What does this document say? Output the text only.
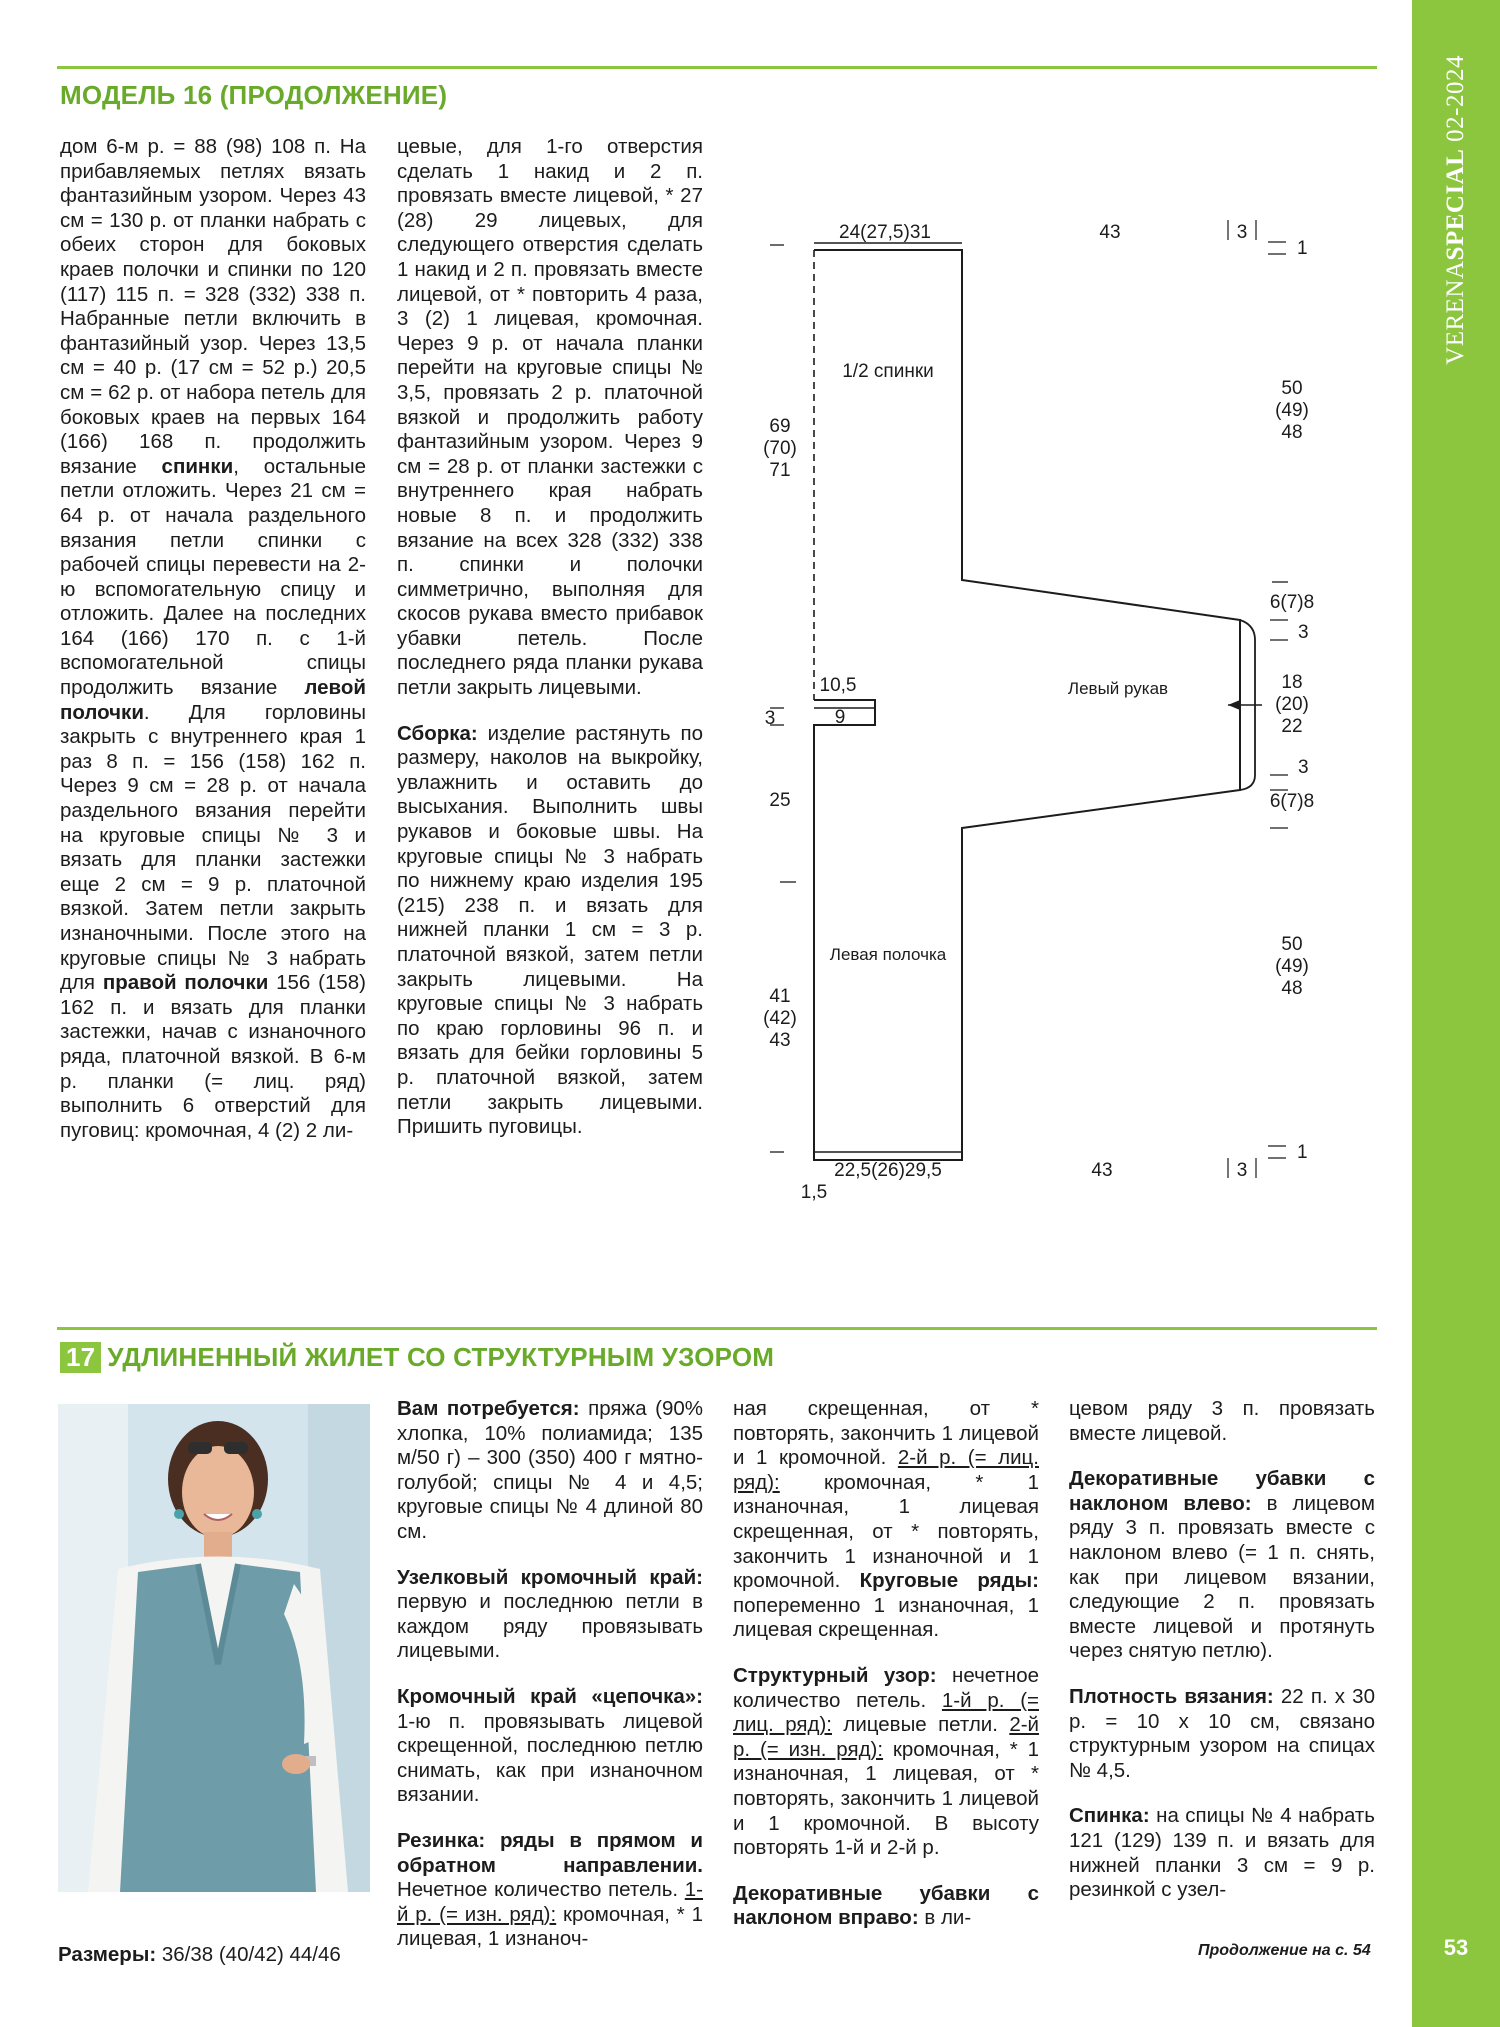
VERENASPECIAL 02-2024
53
МОДЕЛЬ 16 (ПРОДОЛЖЕНИЕ)

дом 6-м р. = 88 (98) 108 п. На прибавляемых петлях вязать фантазийным узором. Через 43 см = 130 р. от планки набрать с обеих сторон для боковых краев полочки и спинки по 120 (117) 115 п. = 328 (332) 338 п. Набранные петли включить в фантазийный узор. Через 13,5 см = 40 р. (17 см = 52 р.) 20,5 см = 62 р. от набора петель для боковых краев на первых 164 (166) 168 п. продолжить вязание спинки, остальные петли отложить. Через 21 см = 64 р. от начала раздельного вязания петли спинки с рабочей спицы перевести на 2-ю вспомогательную спицу и отложить. Далее на последних 164 (166) 170 п. с 1-й вспомогательной спицы продолжить вязание левой полочки. Для горловины закрыть с внутреннего края 1 раз 8 п. = 156 (158) 162 п. Через 9 см = 28 р. от начала раздельного вязания перейти на круговые спицы № 3 и вязать для планки застежки еще 2 см = 9 р. платочной вязкой. Затем петли закрыть изнаночными. После этого на круговые спицы № 3 набрать для правой полочки 156 (158) 162 п. и вязать для планки застежки, начав с изнаночного ряда, платочной вязкой. В 6-м р. планки (= лиц. ряд) выполнить 6 отверстий для пуговиц: кромочная, 4 (2) 2 ли-

цевые, для 1-го отверстия сделать 1 накид и 2 п. провязать вместе лицевой, * 27 (28) 29 лицевых, для следующего отверстия сделать 1 накид и 2 п. провязать вместе лицевой, от * повторить 4 раза, 3 (2) 1 лицевая, кромочная. Через 9 р. от начала планки перейти на круговые спицы № 3,5, провязать 2 р. платочной вязкой и продолжить работу фантазийным узором. Через 9 см = 28 р. от планки застежки с внутреннего края набрать новые 8 п. и продолжить вязание на всех 328 (332) 338 п. спинки и полочки симметрично, выполняя для скосов рукава вместо прибавок убавки петель. После последнего ряда планки рукава петли закрыть лицевыми.

Сборка: изделие растянуть по размеру, наколов на выкройку, увлажнить и оставить до высыхания. Выполнить швы рукавов и боковые швы. На круговые спицы № 3 набрать по нижнему краю изделия 195 (215) 238 п. и вязать для нижней планки 1 см = 3 р. платочной вязкой, затем петли закрыть лицевыми. На круговые спицы № 3 набрать по краю горловины 96 п. и вязать для бейки горловины 5 р. платочной вязкой, затем петли закрыть лицевыми. Пришить пуговицы.

24(27,5)31	43	3
1
1/2 спинки
69
(70)
71
50
(49)
48
6(7)8
3
18
(20)
22
3
6(7)8
Левый рукав
10,5
9
3
25
Левая полочка	50
(49)
48
41
(42)
43
22,5(26)29,5
1,5
43	3
1
17 УДЛИНЕННЫЙ ЖИЛЕТ СО СТРУКТУРНЫМ УЗОРОМ
Размеры: 36/38 (40/42) 44/46

Вам потребуется: пряжа (90% хлопка, 10% полиамида; 135 м/50 г) – 300 (350) 400 г мятно-голубой; спицы № 4 и 4,5; круговые спицы № 4 длиной 80 см.

Узелковый кромочный край: первую и последнюю петли в каждом ряду провязывать лицевыми.

Кромочный край «цепочка»: 1-ю п. провязывать лицевой скрещенной, последнюю петлю снимать, как при изнаночном вязании.

Резинка: ряды в прямом и обратном направлении. Нечетное количество петель. 1-й р. (= изн. ряд): кромочная, * 1 лицевая, 1 изнаноч-

ная скрещенная, от * повторять, закончить 1 лицевой и 1 кромочной. 2-й р. (= лиц. ряд): кромочная, * 1 изнаночная, 1 лицевая скрещенная, от * повторять, закончить 1 изнаночной и 1 кромочной. Круговые ряды: попеременно 1 изнаночная, 1 лицевая скрещенная.

Структурный узор: нечетное количество петель. 1-й р. (= лиц. ряд): лицевые петли. 2-й р. (= изн. ряд): кромочная, * 1 изнаночная, 1 лицевая, от * повторять, закончить 1 лицевой и 1 кромочной. В высоту повторять 1-й и 2-й р.

Декоративные убавки с наклоном вправо: в ли-

цевом ряду 3 п. провязать вместе лицевой.

Декоративные убавки с наклоном влево: в лицевом ряду 3 п. провязать вместе с наклоном влево (= 1 п. снять, как при лицевом вязании, следующие 2 п. провязать вместе лицевой и протянуть через снятую петлю).

Плотность вязания: 22 п. х 30 р. = 10 х 10 см, связано структурным узором на спицах № 4,5.

Спинка: на спицы № 4 набрать 121 (129) 139 п. и вязать для нижней планки 3 см = 9 р. резинкой с узел-

Продолжение на с. 54
